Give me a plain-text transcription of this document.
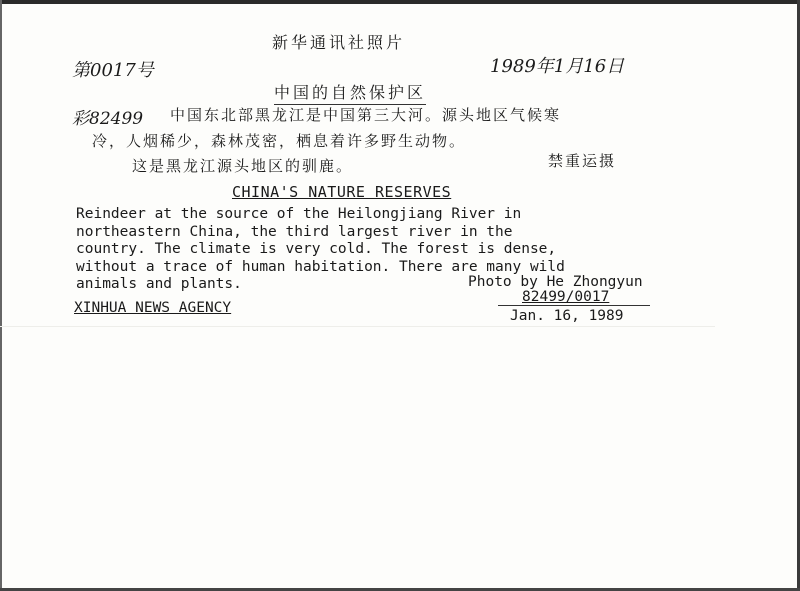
新华通讯社照片
第0017号	1989年1月16日
中国的自然保护区
彩82499 中国东北部黑龙江是中国第三大河。源头地区气候寒
冷，人烟稀少，森林茂密，栖息着许多野生动物。
这是黑龙江源头地区的驯鹿。	禁重运摄
CHINA'S NATURE RESERVES
Reindeer at the source of the Heilongjiang River in
northeastern China, the third largest river in the
country. The climate is very cold. The forest is dense,
without a trace of human habitation. There are many wild
animals and plants.	Photo by He Zhongyun
82499/0017
XINHUA NEWS AGENCY	Jan. 16, 1989
